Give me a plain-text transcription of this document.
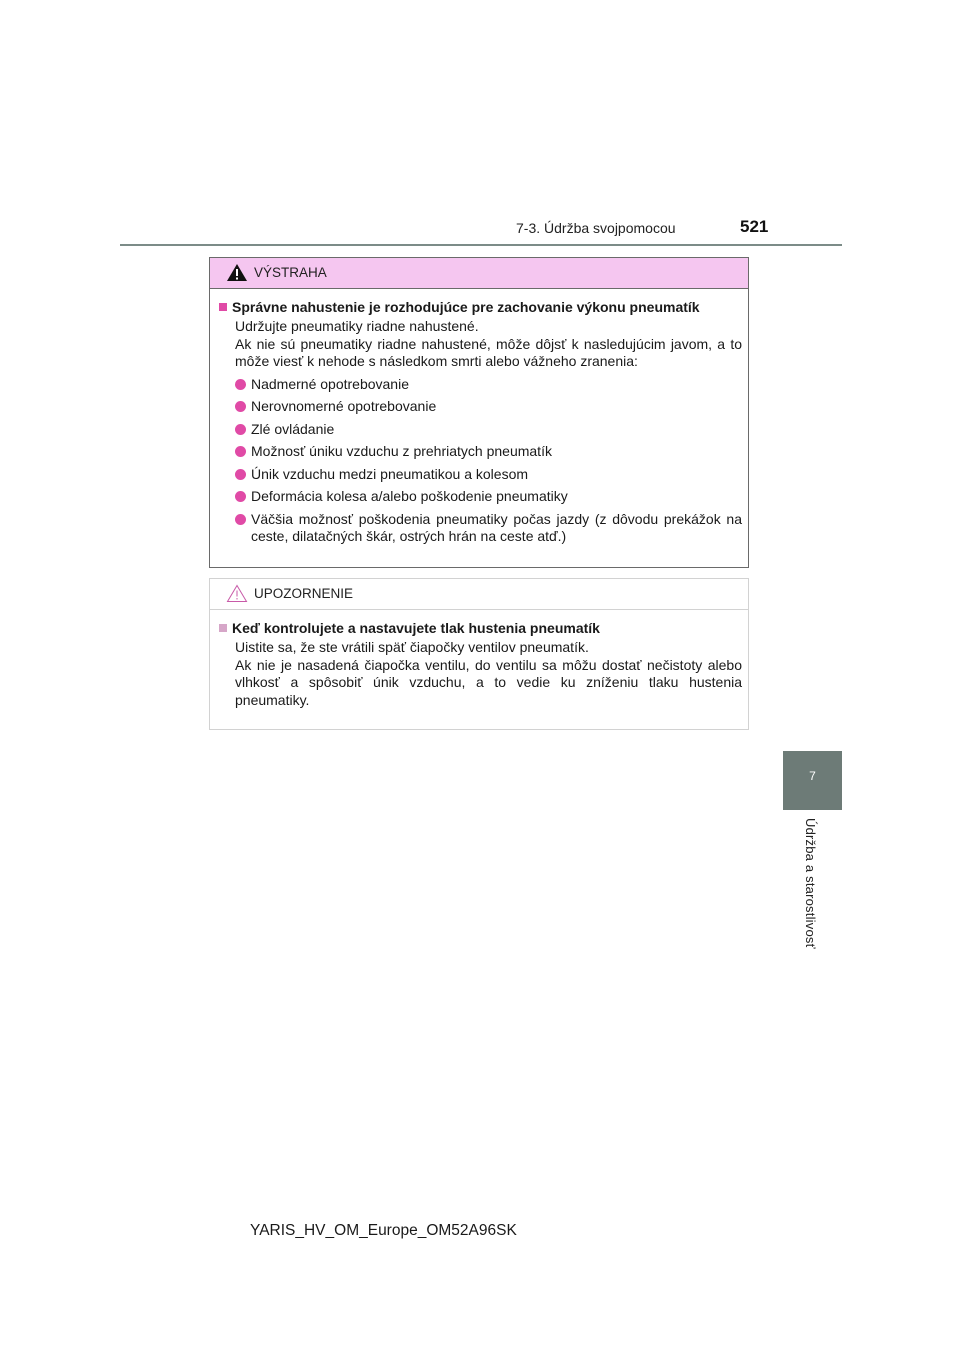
7-3. Údržba svojpomocou	521
7
Údržba a starostlivosť
VÝSTRAHA
Správne nahustenie je rozhodujúce pre zachovanie výkonu pneumatík
Udržujte pneumatiky riadne nahustené.
Ak nie sú pneumatiky riadne nahustené, môže dôjsť k nasledujúcim javom, a to môže viesť k nehode s následkom smrti alebo vážneho zranenia:
Nadmerné opotrebovanie
Nerovnomerné opotrebovanie
Zlé ovládanie
Možnosť úniku vzduchu z prehriatych pneumatík
Únik vzduchu medzi pneumatikou a kolesom
Deformácia kolesa a/alebo poškodenie pneumatiky
Väčšia možnosť poškodenia pneumatiky počas jazdy (z dôvodu prekážok na ceste, dilatačných škár, ostrých hrán na ceste atď.)
UPOZORNENIE
Keď kontrolujete a nastavujete tlak hustenia pneumatík
Uistite sa, že ste vrátili späť čiapočky ventilov pneumatík.
Ak nie je nasadená čiapočka ventilu, do ventilu sa môžu dostať nečistoty alebo vlhkosť a spôsobiť únik vzduchu, a to vedie ku zníženiu tlaku hustenia pneumatiky.
YARIS_HV_OM_Europe_OM52A96SK
